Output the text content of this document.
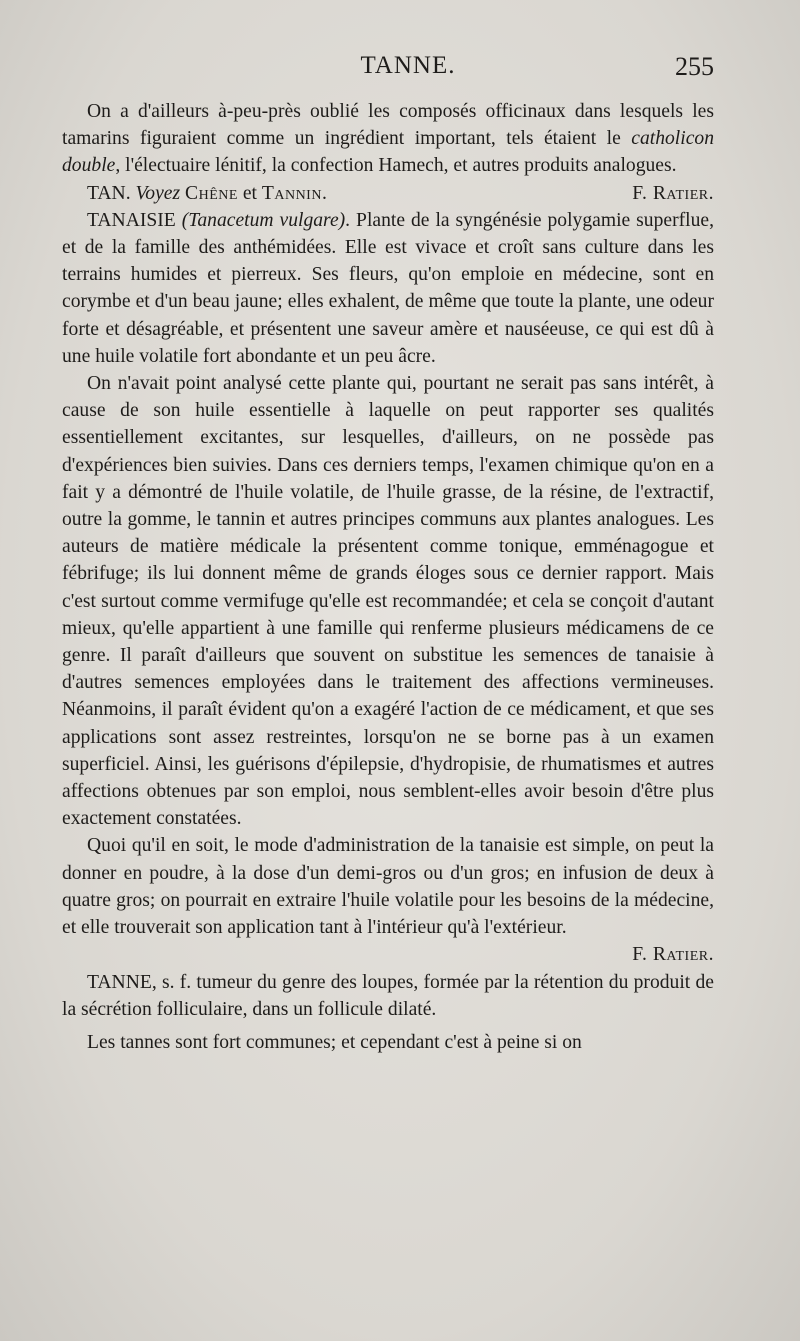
TANNE.	255

On a d'ailleurs à-peu-près oublié les composés officinaux dans lesquels les tamarins figuraient comme un ingrédient important, tels étaient le catholicon double, l'électuaire lénitif, la confection Hamech, et autres produits analogues.
F. Ratier.

TAN. Voyez Chêne et Tannin.

TANAISIE (Tanacetum vulgare). Plante de la syngénésie polygamie superflue, et de la famille des anthémidées. Elle est vivace et croît sans culture dans les terrains humides et pierreux. Ses fleurs, qu'on emploie en médecine, sont en corymbe et d'un beau jaune; elles exhalent, de même que toute la plante, une odeur forte et désagréable, et présentent une saveur amère et nauséeuse, ce qui est dû à une huile volatile fort abondante et un peu âcre.

On n'avait point analysé cette plante qui, pourtant ne serait pas sans intérêt, à cause de son huile essentielle à laquelle on peut rapporter ses qualités essentiellement excitantes, sur lesquelles, d'ailleurs, on ne possède pas d'expériences bien suivies. Dans ces derniers temps, l'examen chimique qu'on en a fait y a démontré de l'huile volatile, de l'huile grasse, de la résine, de l'extractif, outre la gomme, le tannin et autres principes communs aux plantes analogues. Les auteurs de matière médicale la présentent comme tonique, emménagogue et fébrifuge; ils lui donnent même de grands éloges sous ce dernier rapport. Mais c'est surtout comme vermifuge qu'elle est recommandée; et cela se conçoit d'autant mieux, qu'elle appartient à une famille qui renferme plusieurs médicamens de ce genre. Il paraît d'ailleurs que souvent on substitue les semences de tanaisie à d'autres semences employées dans le traitement des affections vermineuses. Néanmoins, il paraît évident qu'on a exagéré l'action de ce médicament, et que ses applications sont assez restreintes, lorsqu'on ne se borne pas à un examen superficiel. Ainsi, les guérisons d'épilepsie, d'hydropisie, de rhumatismes et autres affections obtenues par son emploi, nous semblent-elles avoir besoin d'être plus exactement constatées.

Quoi qu'il en soit, le mode d'administration de la tanaisie est simple, on peut la donner en poudre, à la dose d'un demi-gros ou d'un gros; en infusion de deux à quatre gros; on pourrait en extraire l'huile volatile pour les besoins de la médecine, et elle trouverait son application tant à l'intérieur qu'à l'extérieur.

F. Ratier.

TANNE, s. f. tumeur du genre des loupes, formée par la rétention du produit de la sécrétion folliculaire, dans un follicule dilaté.

Les tannes sont fort communes; et cependant c'est à peine si on
